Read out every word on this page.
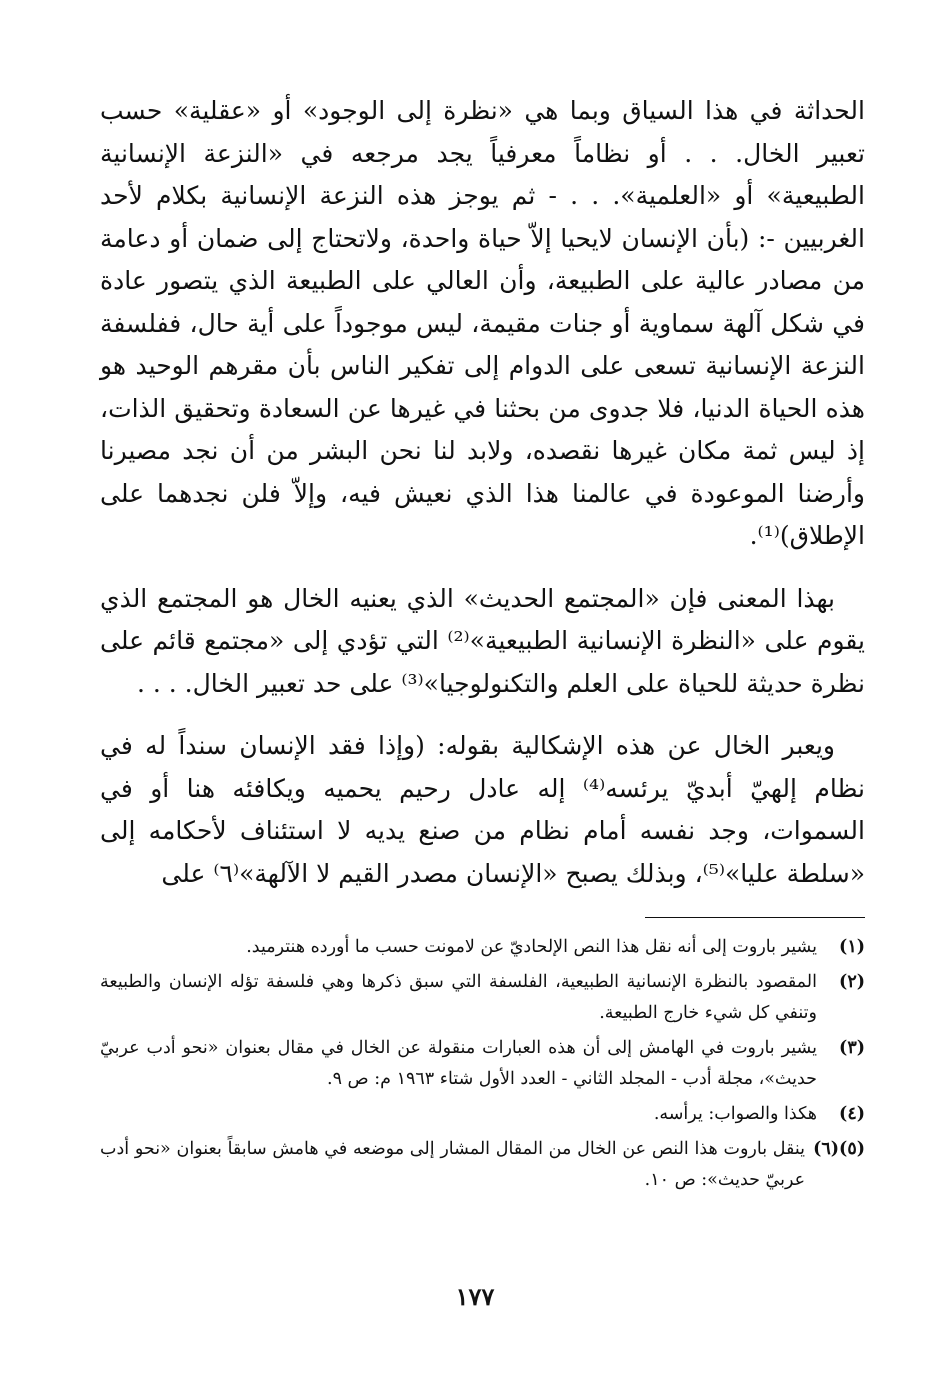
الحداثة في هذا السياق وبما هي «نظرة إلى الوجود» أو «عقلية» حسب تعبير الخال. . . أو نظاماً معرفياً يجد مرجعه في «النزعة الإنسانية الطبيعية» أو «العلمية». . . - ثم يوجز هذه النزعة الإنسانية بكلام لأحد الغربيين -: (بأن الإنسان لايحيا إلاّ حياة واحدة، ولاتحتاج إلى ضمان أو دعامة من مصادر عالية على الطبيعة، وأن العالي على الطبيعة الذي يتصور عادة في شكل آلهة سماوية أو جنات مقيمة، ليس موجوداً على أية حال، ففلسفة النزعة الإنسانية تسعى على الدوام إلى تفكير الناس بأن مقرهم الوحيد هو هذه الحياة الدنيا، فلا جدوى من بحثنا في غيرها عن السعادة وتحقيق الذات، إذ ليس ثمة مكان غيرها نقصده، ولابد لنا نحن البشر من أن نجد مصيرنا وأرضنا الموعودة في عالمنا هذا الذي نعيش فيه، وإلاّ فلن نجدهما على الإطلاق)⁽¹⁾.

بهذا المعنى فإن «المجتمع الحديث» الذي يعنيه الخال هو المجتمع الذي يقوم على «النظرة الإنسانية الطبيعية»⁽²⁾ التي تؤدي إلى «مجتمع قائم على نظرة حديثة للحياة على العلم والتكنولوجيا»⁽³⁾ على حد تعبير الخال. . . .

ويعبر الخال عن هذه الإشكالية بقوله: (وإذا فقد الإنسان سنداً له في نظام إلهيّ أبديّ يرئسه⁽⁴⁾ إله عادل رحيم يحميه ويكافئه هنا أو في السموات، وجد نفسه أمام نظام من صنع يديه لا استئناف لأحكامه إلى «سلطة عليا»⁽⁵⁾، وبذلك يصبح «الإنسان مصدر القيم لا الآلهة»⁽٦⁾ على

(١)
يشير باروت إلى أنه نقل هذا النص الإلحاديّ عن لامونت حسب ما أورده هنترميد.
(٢)
المقصود بالنظرة الإنسانية الطبيعية، الفلسفة التي سبق ذكرها وهي فلسفة تؤله الإنسان والطبيعة وتنفي كل شيء خارج الطبيعة.
(٣)
يشير باروت في الهامش إلى أن هذه العبارات منقولة عن الخال في مقال بعنوان «نحو أدب عربيّ حديث»، مجلة أدب - المجلد الثاني - العدد الأول شتاء ١٩٦٣ م: ص ٩.
(٤)
هكذا والصواب: يرأسه.
(٥)(٦)
ينقل باروت هذا النص عن الخال من المقال المشار إلى موضعه في هامش سابقاً بعنوان «نحو أدب عربيّ حديث»: ص ١٠.
١٧٧
